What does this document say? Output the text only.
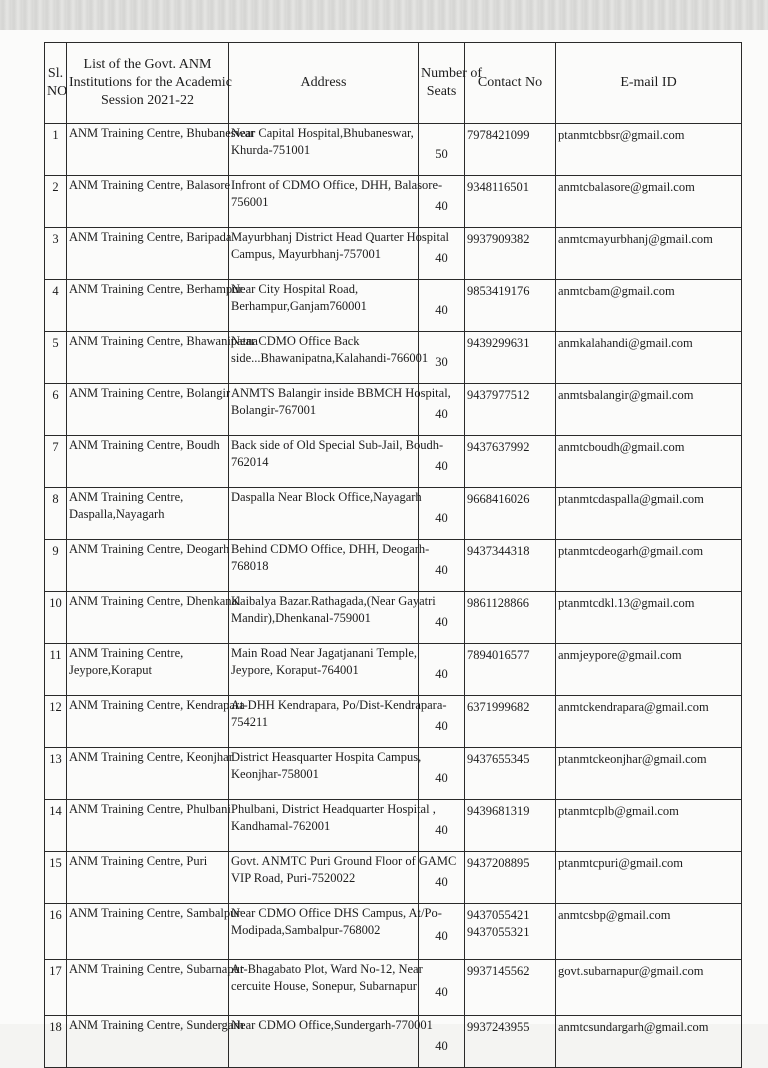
Sl.
NO	List of the Govt. ANM
Institutions for the Academic
Session 2021-22	Address	Number of
Seats	Contact No	E-mail ID
1	ANM Training Centre, Bhubaneswar	Near Capital Hospital,Bhubaneswar,
Khurda-751001	50	7978421099	ptanmtcbbsr@gmail.com
2	ANM Training Centre, Balasore	Infront of CDMO Office, DHH, Balasore-
756001	40	9348116501	anmtcbalasore@gmail.com
3	ANM Training Centre, Baripada	Mayurbhanj District Head Quarter Hospital
Campus, Mayurbhanj-757001	40	9937909382	anmtcmayurbhanj@gmail.com
4	ANM Training Centre, Berhampur	Near City Hospital Road,
Berhampur,Ganjam760001	40	9853419176	anmtcbam@gmail.com
5	ANM Training Centre, Bhawanipatna	Near CDMO Office Back
side...Bhawanipatna,Kalahandi-766001	30	9439299631	anmkalahandi@gmail.com
6	ANM Training Centre, Bolangir	ANMTS Balangir inside BBMCH Hospital,
Bolangir-767001	40	9437977512	anmtsbalangir@gmail.com
7	ANM Training Centre, Boudh	Back side of Old Special Sub-Jail, Boudh-
762014	40	9437637992	anmtcboudh@gmail.com
8	ANM Training Centre,
Daspalla,Nayagarh	Daspalla Near Block Office,Nayagarh	40	9668416026	ptanmtcdaspalla@gmail.com
9	ANM Training Centre, Deogarh	Behind CDMO Office, DHH, Deogarh-
768018	40	9437344318	ptanmtcdeogarh@gmail.com
10	ANM Training Centre, Dhenkanal	Kaibalya Bazar.Rathagada,(Near Gayatri
Mandir),Dhenkanal-759001	40	9861128866	ptanmtcdkl.13@gmail.com
11	ANM Training Centre,
Jeypore,Koraput	Main Road Near Jagatjanani Temple,
Jeypore, Koraput-764001	40	7894016577	anmjeypore@gmail.com
12	ANM Training Centre, Kendrapara	At-DHH Kendrapara, Po/Dist-Kendrapara-
754211	40	6371999682	anmtckendrapara@gmail.com
13	ANM Training Centre, Keonjhar	District Heasquarter Hospita Campus,
Keonjhar-758001	40	9437655345	ptanmtckeonjhar@gmail.com
14	ANM Training Centre, Phulbani	Phulbani, District Headquarter Hospital ,
Kandhamal-762001	40	9439681319	ptanmtcplb@gmail.com
15	ANM Training Centre, Puri	Govt. ANMTC Puri Ground Floor of GAMC
VIP Road, Puri-7520022	40	9437208895	ptanmtcpuri@gmail.com
16	ANM Training Centre, Sambalpur	Near CDMO Office DHS Campus, At/Po-
Modipada,Sambalpur-768002	40	9437055421
9437055321	anmtcsbp@gmail.com
17	ANM Training Centre, Subarnapur	At-Bhagabato Plot, Ward No-12, Near
cercuite House, Sonepur, Subarnapur	40	9937145562	govt.subarnapur@gmail.com
18	ANM Training Centre, Sundergarh	Near CDMO Office,Sundergarh-770001	40	9937243955	anmtcsundargarh@gmail.com
